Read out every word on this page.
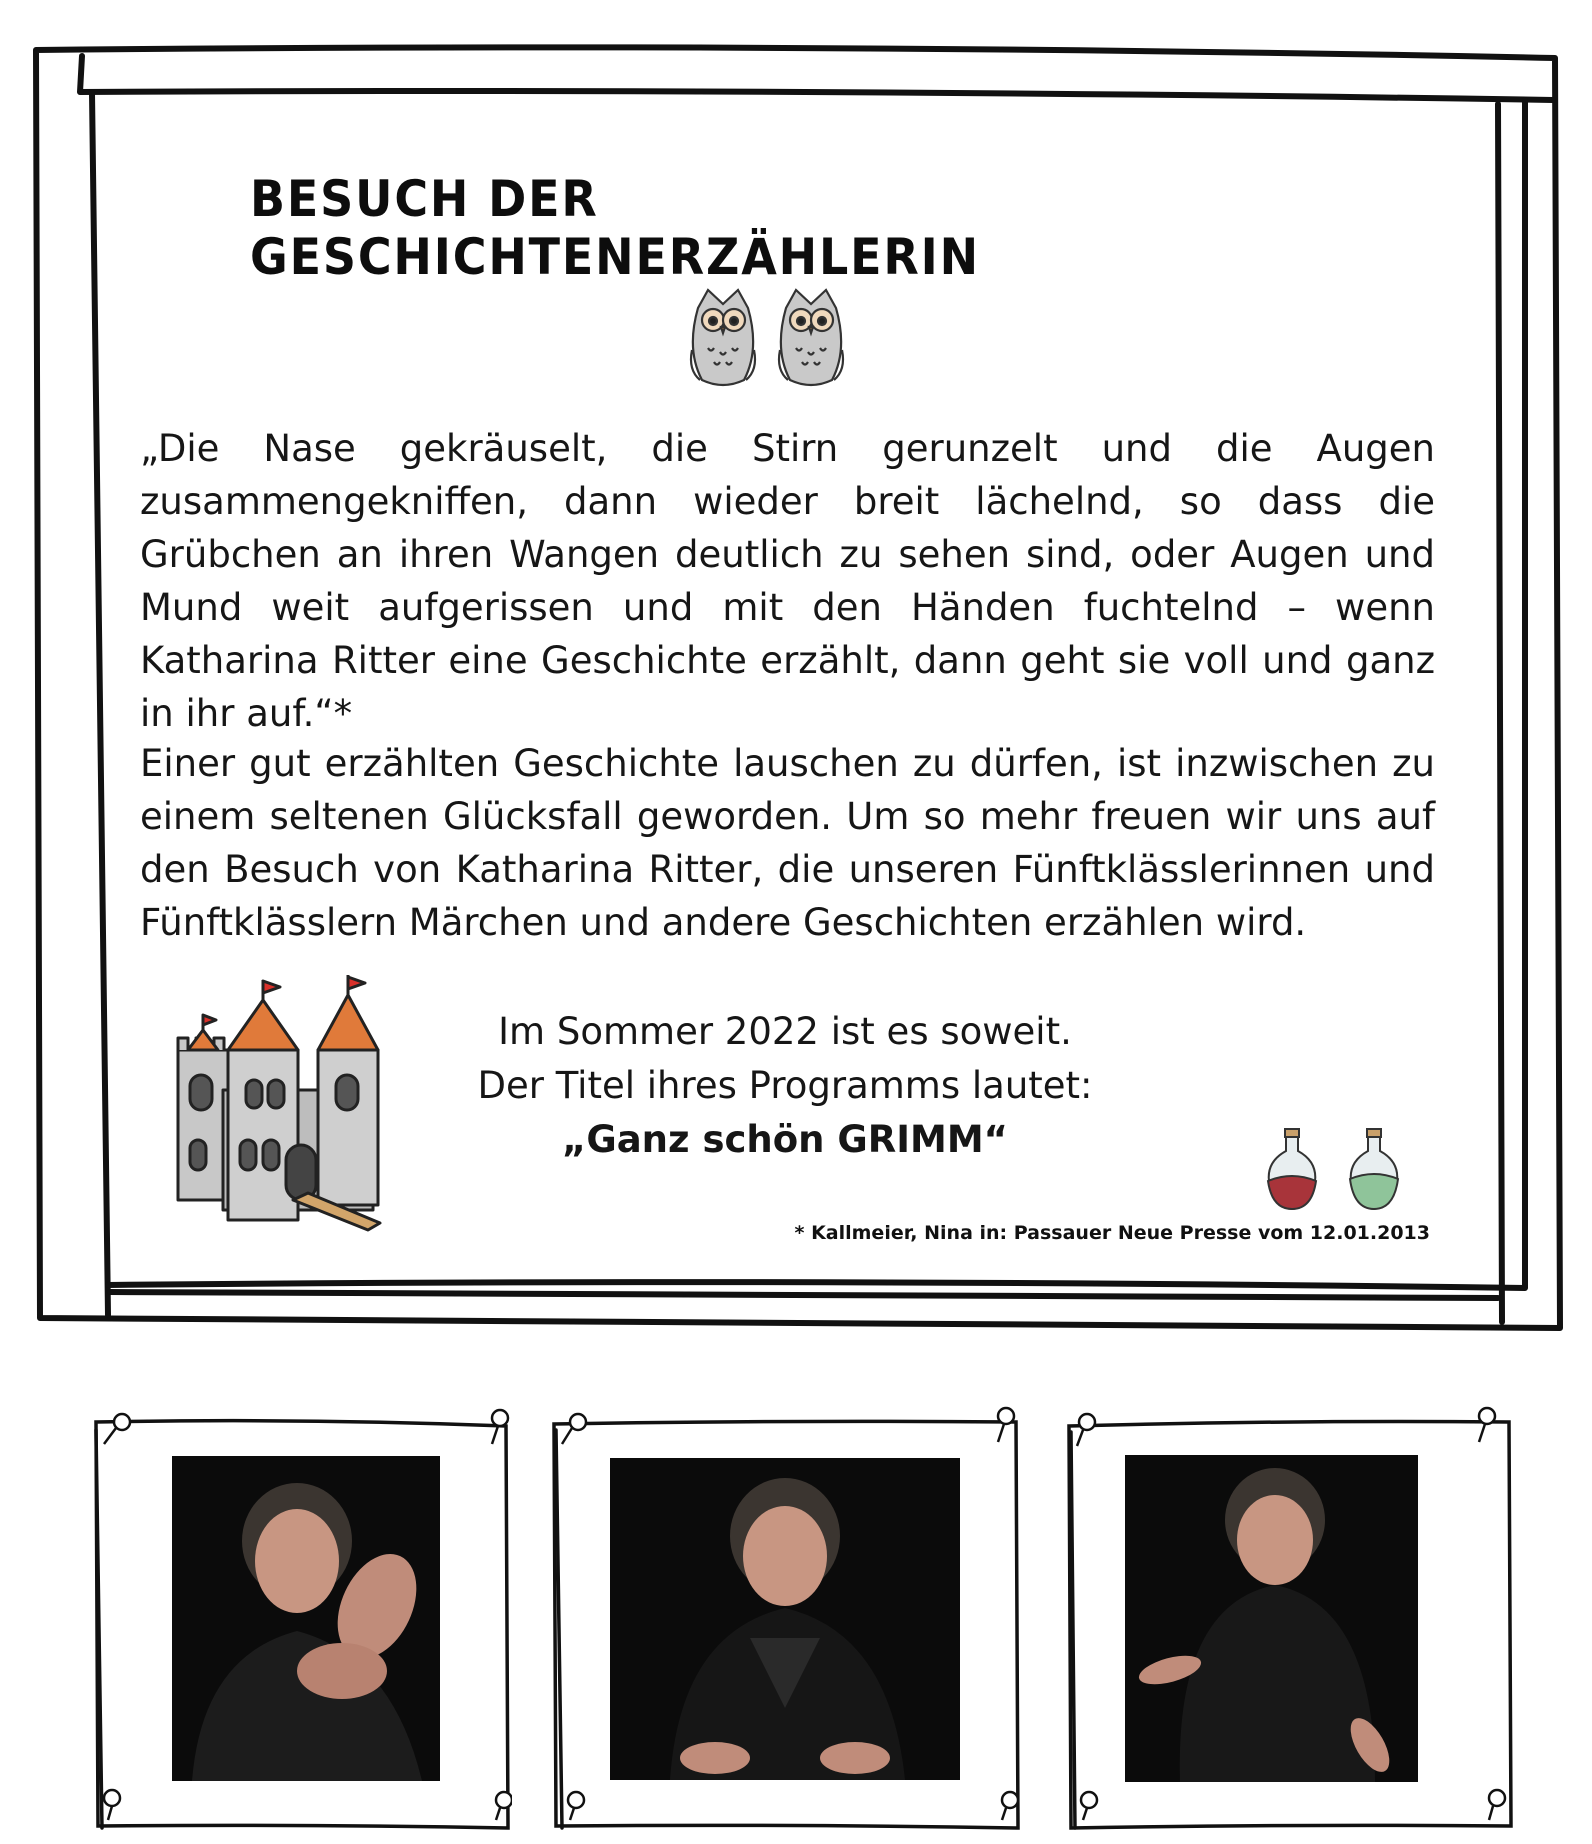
BESUCH DER GESCHICHTENERZÄHLERIN
„Die Nase gekräuselt, die Stirn gerunzelt und die Augen zusammengekniffen, dann wieder breit lächelnd, so dass die Grübchen an ihren Wangen deutlich zu sehen sind, oder Augen und Mund weit aufgerissen und mit den Händen fuchtelnd – wenn Katharina Ritter eine Geschichte erzählt, dann geht sie voll und ganz in ihr auf.“*
Einer gut erzählten Geschichte lauschen zu dürfen, ist inzwischen zu einem seltenen Glücksfall geworden. Um so mehr freuen wir uns auf den Besuch von Katharina Ritter, die unseren Fünftklässlerinnen und Fünftklässlern Märchen und andere Geschichten erzählen wird.
Im Sommer 2022 ist es soweit.
Der Titel ihres Programms lautet:
„Ganz schön GRIMM“
* Kallmeier, Nina in: Passauer Neue Presse vom 12.01.2013
